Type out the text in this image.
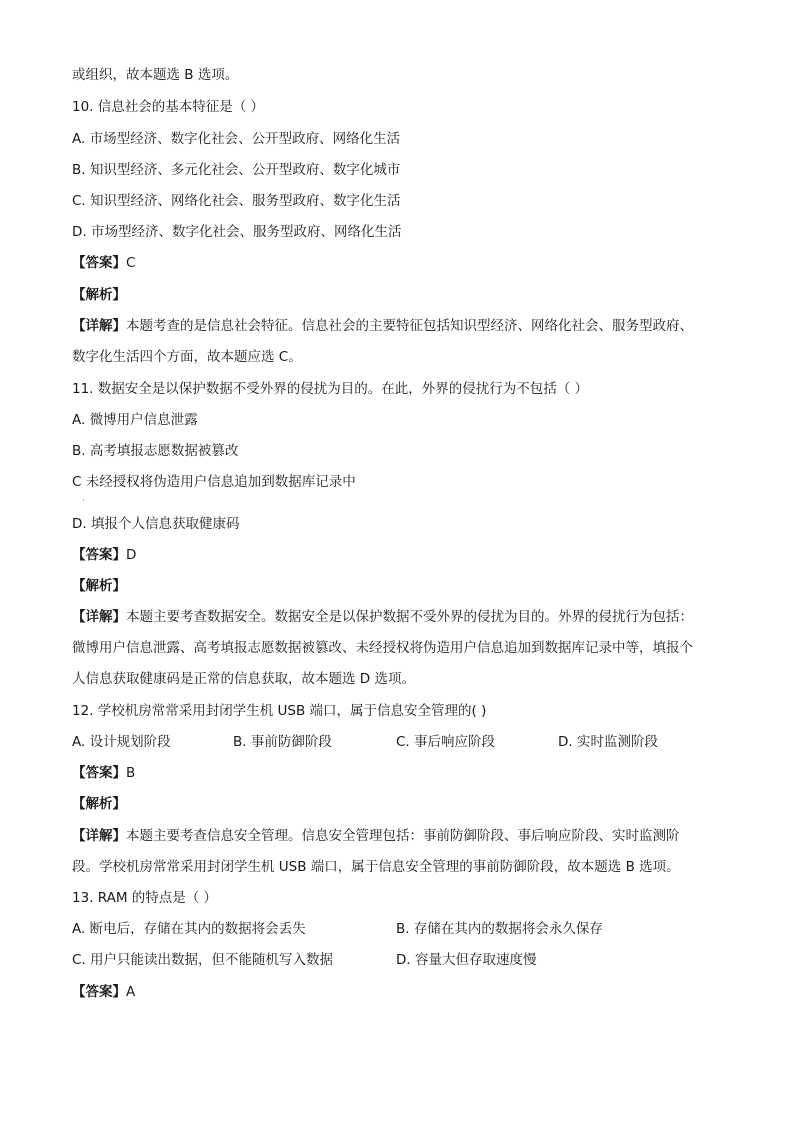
或组织，故本题选 B 选项。
10. 信息社会的基本特征是（ ）
A. 市场型经济、数字化社会、公开型政府、网络化生活
B. 知识型经济、多元化社会、公开型政府、数字化城市
C. 知识型经济、网络化社会、服务型政府、数字化生活
D. 市场型经济、数字化社会、服务型政府、网络化生活
【答案】C
【解析】
【详解】本题考查的是信息社会特征。信息社会的主要特征包括知识型经济、网络化社会、服务型政府、
数字化生活四个方面，故本题应选 C。
11. 数据安全是以保护数据不受外界的侵扰为目的。在此，外界的侵扰行为不包括（ ）
A. 微博用户信息泄露
B. 高考填报志愿数据被篡改
C 未经授权将伪造用户信息追加到数据库记录中
·
D. 填报个人信息获取健康码
【答案】D
【解析】
【详解】本题主要考查数据安全。数据安全是以保护数据不受外界的侵扰为目的。外界的侵扰行为包括：
微博用户信息泄露、高考填报志愿数据被篡改、未经授权将伪造用户信息追加到数据库记录中等，填报个
人信息获取健康码是正常的信息获取，故本题选 D 选项。
12. 学校机房常常采用封闭学生机 USB 端口，属于信息安全管理的( )
A. 设计规划阶段	B. 事前防御阶段	C. 事后响应阶段	D. 实时监测阶段
【答案】B
【解析】
【详解】本题主要考查信息安全管理。信息安全管理包括：事前防御阶段、事后响应阶段、实时监测阶
段。学校机房常常采用封闭学生机 USB 端口，属于信息安全管理的事前防御阶段，故本题选 B 选项。
13. RAM 的特点是（ ）
A. 断电后，存储在其内的数据将会丢失	B. 存储在其内的数据将会永久保存
C. 用户只能读出数据，但不能随机写入数据	D. 容量大但存取速度慢
【答案】A
